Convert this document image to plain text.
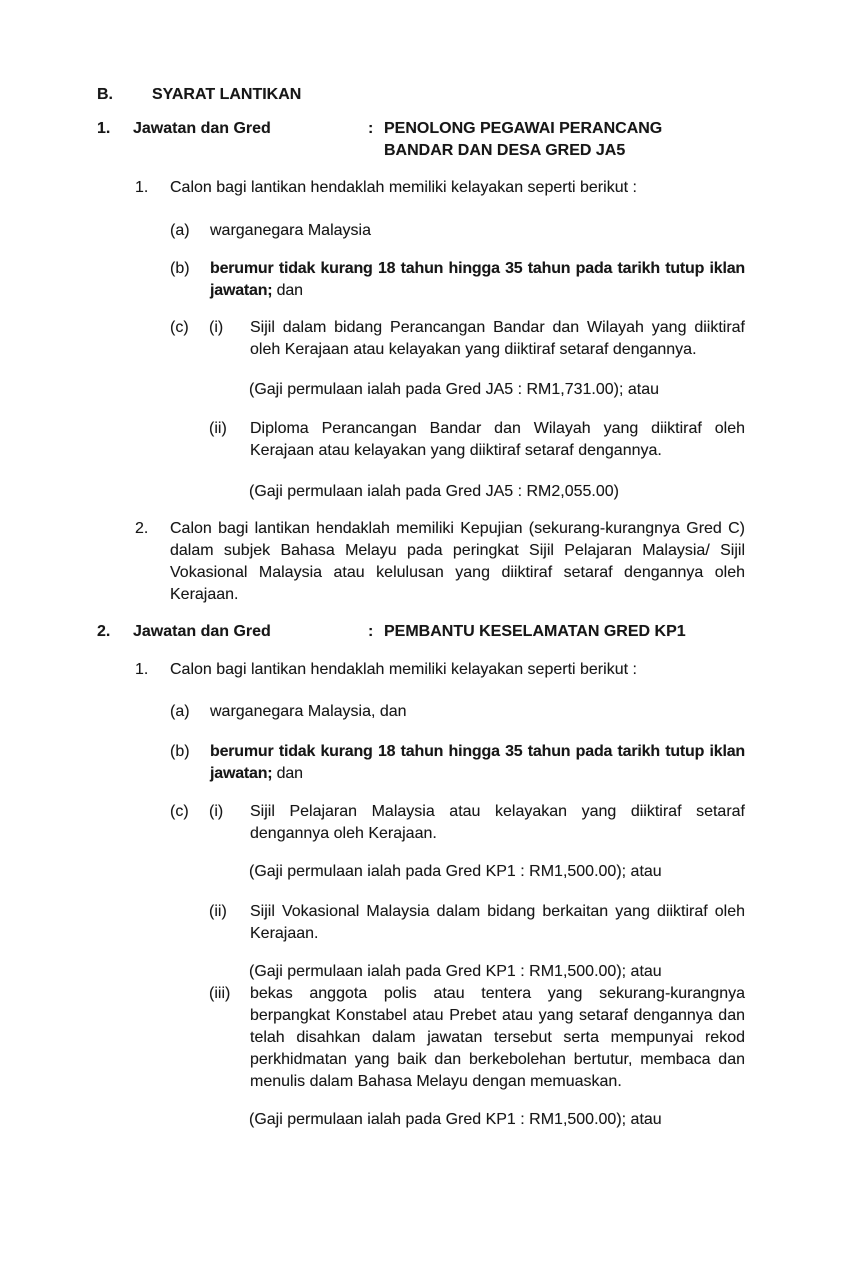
B.	SYARAT LANTIKAN
1.	Jawatan dan Gred	: PENOLONG PEGAWAI PERANCANG BANDAR DAN DESA GRED JA5
1.	Calon bagi lantikan hendaklah memiliki kelayakan seperti berikut :
(a)	warganegara Malaysia
(b)	berumur tidak kurang 18 tahun hingga 35 tahun pada tarikh tutup iklan jawatan; dan
(c)	(i)	Sijil dalam bidang Perancangan Bandar dan Wilayah yang diiktiraf oleh Kerajaan atau kelayakan yang diiktiraf setaraf dengannya.
(Gaji permulaan ialah pada Gred JA5 : RM1,731.00); atau
(ii)	Diploma Perancangan Bandar dan Wilayah yang diiktiraf oleh Kerajaan atau kelayakan yang diiktiraf setaraf dengannya.
(Gaji permulaan ialah pada Gred JA5 : RM2,055.00)
2.	Calon bagi lantikan hendaklah memiliki Kepujian (sekurang-kurangnya Gred C) dalam subjek Bahasa Melayu pada peringkat Sijil Pelajaran Malaysia/ Sijil Vokasional Malaysia atau kelulusan yang diiktiraf setaraf dengannya oleh Kerajaan.
2.	Jawatan dan Gred	: PEMBANTU KESELAMATAN GRED KP1
1.	Calon bagi lantikan hendaklah memiliki kelayakan seperti berikut :
(a)	warganegara Malaysia, dan
(b)	berumur tidak kurang 18 tahun hingga 35 tahun pada tarikh tutup iklan jawatan; dan
(c)	(i)	Sijil Pelajaran Malaysia atau kelayakan yang diiktiraf setaraf dengannya oleh Kerajaan.
(Gaji permulaan ialah pada Gred KP1 : RM1,500.00); atau
(ii)	Sijil Vokasional Malaysia dalam bidang berkaitan yang diiktiraf oleh Kerajaan.
(Gaji permulaan ialah pada Gred KP1 : RM1,500.00); atau
(iii)	bekas anggota polis atau tentera yang sekurang-kurangnya berpangkat Konstabel atau Prebet atau yang setaraf dengannya dan telah disahkan dalam jawatan tersebut serta mempunyai rekod perkhidmatan yang baik dan berkebolehan bertutur, membaca dan menulis dalam Bahasa Melayu dengan memuaskan.
(Gaji permulaan ialah pada Gred KP1 : RM1,500.00); atau
